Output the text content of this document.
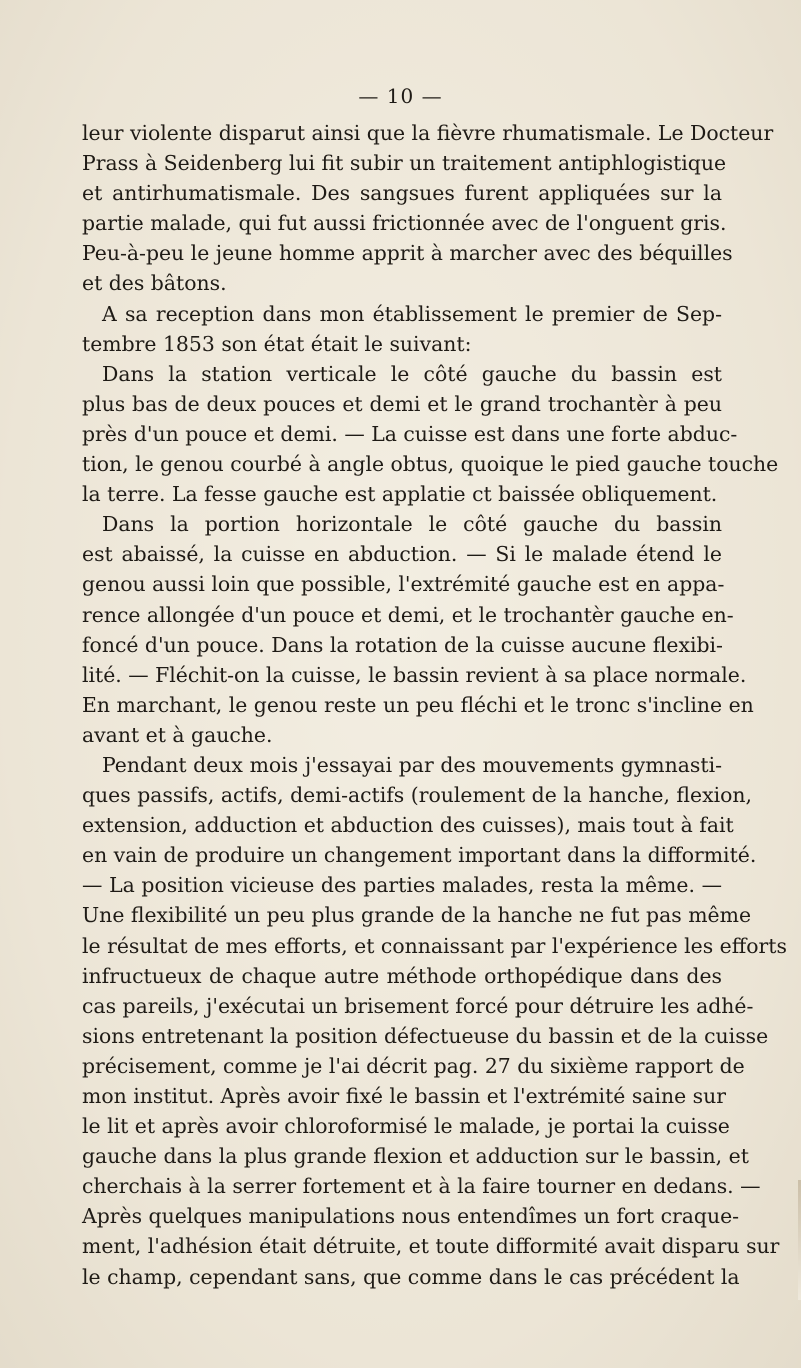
— 10 —
leur violente disparut ainsi que la fièvre rhumatismale. Le Docteur
Prass à Seidenberg lui fit subir un traitement antiphlogistique
et antirhumatismale. Des sangsues furent appliquées sur la
partie malade, qui fut aussi frictionnée avec de l'onguent gris.
Peu-à-peu le jeune homme apprit à marcher avec des béquilles
et des bâtons.
A sa reception dans mon établissement le premier de Sep-
tembre 1853 son état était le suivant:
Dans la station verticale le côté gauche du bassin est
plus bas de deux pouces et demi et le grand trochantèr à peu
près d'un pouce et demi. — La cuisse est dans une forte abduc-
tion, le genou courbé à angle obtus, quoique le pied gauche touche
la terre. La fesse gauche est applatie ct baissée obliquement.
Dans la portion horizontale le côté gauche du bassin
est abaissé, la cuisse en abduction. — Si le malade étend le
genou aussi loin que possible, l'extrémité gauche est en appa-
rence allongée d'un pouce et demi, et le trochantèr gauche en-
foncé d'un pouce. Dans la rotation de la cuisse aucune flexibi-
lité. — Fléchit-on la cuisse, le bassin revient à sa place normale.
En marchant, le genou reste un peu fléchi et le tronc s'incline en
avant et à gauche.
Pendant deux mois j'essayai par des mouvements gymnasti-
ques passifs, actifs, demi-actifs (roulement de la hanche, flexion,
extension, adduction et abduction des cuisses), mais tout à fait
en vain de produire un changement important dans la difformité.
— La position vicieuse des parties malades, resta la même. —
Une flexibilité un peu plus grande de la hanche ne fut pas même
le résultat de mes efforts, et connaissant par l'expérience les efforts
infructueux de chaque autre méthode orthopédique dans des
cas pareils, j'exécutai un brisement forcé pour détruire les adhé-
sions entretenant la position défectueuse du bassin et de la cuisse
précisement, comme je l'ai décrit pag. 27 du sixième rapport de
mon institut. Après avoir fixé le bassin et l'extrémité saine sur
le lit et après avoir chloroformisé le malade, je portai la cuisse
gauche dans la plus grande flexion et adduction sur le bassin, et
cherchais à la serrer fortement et à la faire tourner en dedans. —
Après quelques manipulations nous entendîmes un fort craque-
ment, l'adhésion était détruite, et toute difformité avait disparu sur
le champ, cependant sans, que comme dans le cas précédent la
